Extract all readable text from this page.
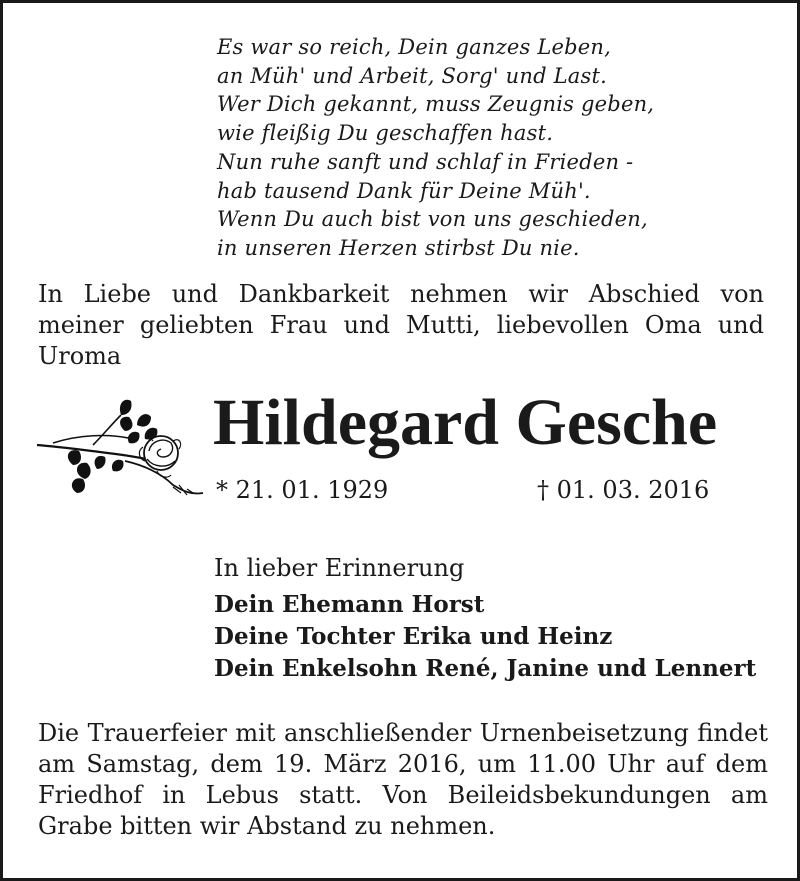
Es war so reich, Dein ganzes Leben,
an Müh' und Arbeit, Sorg' und Last.
Wer Dich gekannt, muss Zeugnis geben,
wie fleißig Du geschaffen hast.
Nun ruhe sanft und schlaf in Frieden -
hab tausend Dank für Deine Müh'.
Wenn Du auch bist von uns geschieden,
in unseren Herzen stirbst Du nie.

In Liebe und Dankbarkeit nehmen wir Abschied von meiner geliebten Frau und Mutti, liebevollen Oma und Uroma

Hildegard Gesche
* 21. 01. 1929	† 01. 03. 2016
In lieber Erinnerung
Dein Ehemann Horst
Deine Tochter Erika und Heinz
Dein Enkelsohn René, Janine und Lennert

Die Trauerfeier mit anschließender Urnenbeisetzung findet am Samstag, dem 19. März 2016, um 11.00 Uhr auf dem Friedhof in Lebus statt. Von Beileidsbekundungen am Grabe bitten wir Abstand zu nehmen.
